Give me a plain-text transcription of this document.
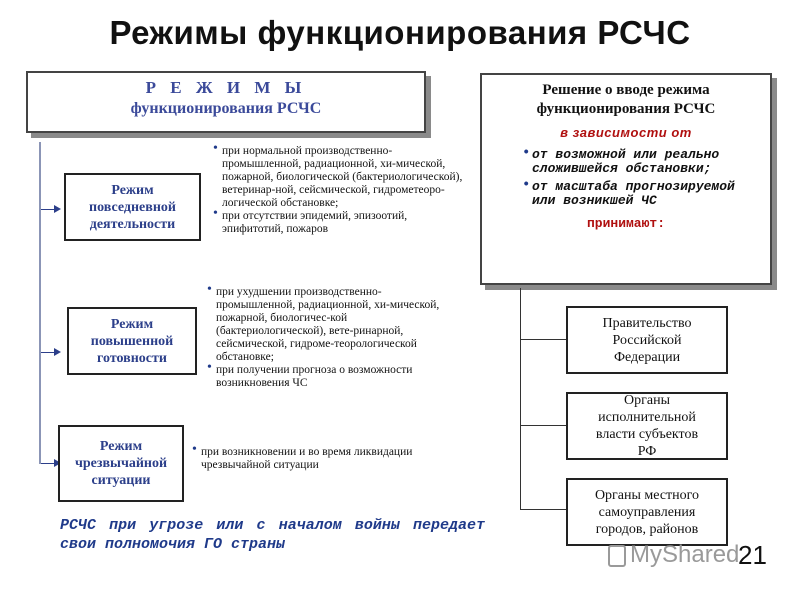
Режимы функционирования РСЧС
Р Е Ж И М Ы
функционирования РСЧС
Режим повседневной деятельности
Режим повышенной готовности
Режим чрезвычайной ситуации

• при нормальной производственно-промышленной, радиационной, хи-мической, пожарной, биологической (бактериологической), ветеринар-ной, сейсмической, гидрометеоро-логической обстановке;

• при отсутствии эпидемий, эпизоотий, эпифитотий, пожаров

• при ухудшении производственно-промышленной, радиационной, хи-мической, пожарной, биологичес-кой (бактериологической), вете-ринарной, сейсмической, гидроме-теорологической обстановке;

• при получении прогноза о возможности возникновения ЧС

• при возникновении и во время ликвидации чрезвычайной ситуации

Решение о вводе режима функционирования РСЧС
в зависимости от
• от возможной или реально сложившейся обстановки;
• от масштаба прогнозируемой или возникшей ЧС
принимают:
Правительство Российской Федерации
Органы исполнительной власти субъектов РФ
Органы местного самоуправления городов, районов
РСЧС при угрозе или с началом войны передает свои полномочия ГО страны	MyShared
21
